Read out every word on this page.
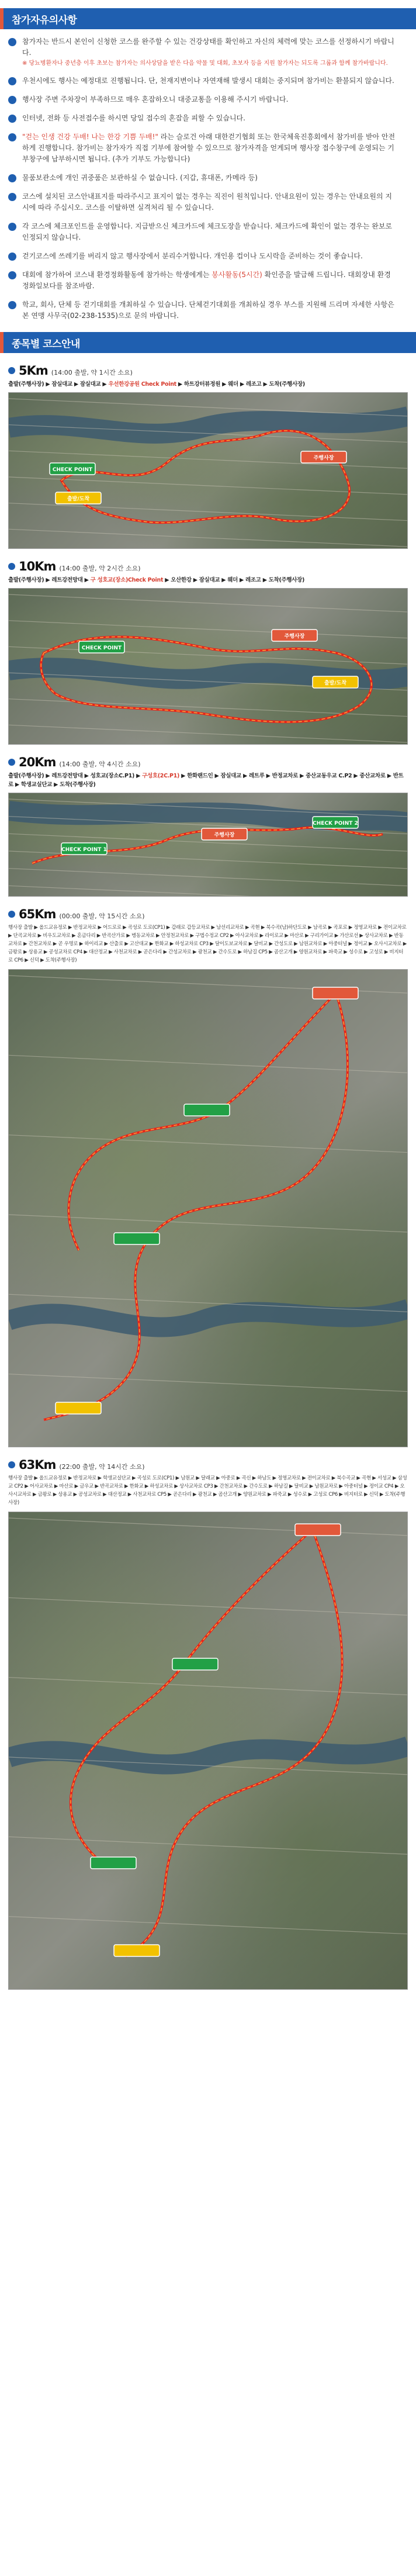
참가자유의사항
참가자는 반드시 본인이 신청한 코스를 완주할 수 있는 건강상태를 확인하고 자신의 체력에 맞는 코스를 선정하시기 바랍니다.
※ 당뇨병환자나 중년층 이후 초보는 참가자는 의사상담을 받은 다음 약물 및 대회, 초보자 등을 지원 참가자는 되도록 그룹과 함께 참가바랍니다.
우천시에도 행사는 예정대로 진행됩니다. 단, 천재지변이나 자연재해 발생시 대회는 중지되며 참가비는 환불되지 않습니다.
행사장 주변 주차장이 부족하므로 매우 혼잡하오니 대중교통을 이용해 주시기 바랍니다.
인터넷, 전화 등 사전접수를 하시면 당일 접수의 혼잡을 피할 수 있습니다.
"걷는 인생 건강 두배! 나는 한강 기쁨 두배!" 라는 슬로건 아래 대한걷기협회 또는 한국체육진흥회에서 참가비를 받아 안전하게 진행합니다. 참가비는 참가자가 직접 기부에 참여할 수 있으므로 참가자격을 얻게되며 행사장 접수창구에 운영되는 기부창구에 납부하시면 됩니다. (추가 기부도 가능합니다)
물품보관소에 개인 귀중품은 보관하실 수 없습니다. (지갑, 휴대폰, 카메라 등)
코스에 설치된 코스안내표지를 따라주시고 표지이 없는 경우는 직진이 원칙입니다. 안내요원이 있는 경우는 안내요원의 지시에 따라 주십시오. 코스를 이탈하면 실격처리 될 수 있습니다.
각 코스에 체크포인트를 운영합니다. 지급받으신 체크카드에 체크도장을 받습니다. 체크카드에 확인이 없는 경우는 완보로 인정되지 않습니다.
걷기코스에 쓰레기를 버리지 않고 행사장에서 분리수거합니다. 개인용 컵이나 도시락을 준비하는 것이 좋습니다.
대회에 참가하여 코스내 환경정화활동에 참가하는 학생에게는 봉사활동(5시간) 확인증을 발급해 드립니다. 대회장내 환경정화일보다를 참조바람.
학교, 회사, 단체 등 걷기대회를 개최하실 수 있습니다. 단체걷기대회를 개최하실 경우 부스를 지원해 드리며 자세한 사항은 본 연맹 사무국(02-238-1535)으로 문의 바랍니다.
종목별 코스안내
5Km (14:00 출발, 약 1시간 소요)
출발(주행사장) ▶ 잠실대교 ▶ 잠실대교 ▶ 우선한강공원 Check Point ▶ 하트강터뷰정원 ▶ 웨더 ▶ 레조고 ▶ 도착(주행사장)
CHECK POINT
주행사장
출발/도착
10Km (14:00 출발, 약 2시간 소요)
출발(주행사장) ▶ 레트강전망대 ▶ 구 성호교(장소)Check Point ▶ 오산한강 ▶ 잠실대교 ▶ 웨더 ▶ 레조고 ▶ 도착(주행사장)
CHECK POINT
주행사장
출발/도착
20Km (14:00 출발, 약 4시간 소요)
출발(주행사장) ▶ 레트강전망대 ▶ 성호교(장소C.P1) ▶ 구성호(2C.P1) ▶ 한화랜드인 ▶ 잠실대교 ▶ 레트루 ▶ 반정교차로 ▶ 중산교동우교 C.P2 ▶ 중산교차로 ▶ 반트로 ▶ 학생교실단교 ▶ 도착(주행사장)
CHECK POINT 1
CHECK POINT 2
주행사장
65Km (00:00 출발, 약 15시간 소요)
행사장 출발 ▶ 올드교유정로 ▶ 반정교차로 ▶ 어드로로 ▶ 곡성로 도로(CP1) ▶ 갑래로 갑등교차로 ▶ 남선리교차로 ▶ 곡현 ▶ 북수곡(남)하단도로 ▶ 남곡로 ▶ 곡포로 ▶ 정영교차로 ▶ 전이교차로 ▶ 단곡교차로 ▶ 비우도교차로 ▶ 혼금다리 ▶ 반곡산가로 ▶ 병동교차로 ▶ 안정천교차로 ▶ 구법수정교 CP2 ▶ 아사교차로 ▶ 라이로교 ▶ 마산로 ▶ 구리가이교 ▶ 가산로선 ▶ 상사교차로 ▶ 반동교차로 ▶ 간천교차로 ▶ 곧 우명로 ▶ 하이리교 ▶ 산출로 ▶ 고산대교 ▶ 한화교 ▶ 하성교차로 CP3 ▶ 달이도보교차로 ▶ 달비교 ▶ 간성도로 ▶ 남원교차로 ▶ 아중터널 ▶ 정이교 ▶ 오사시교차로 ▶ 금왕로 ▶ 상용교 ▶ 공성교차로 CP4 ▶ 대산정교 ▶ 사천교차로 ▶ 곧은다리 ▶ 간성교차로 ▶ 광천교 ▶ 간수도로 ▶ 하남길 CP5 ▶ 곰산고개 ▶ 양원교차로 ▶ 파죽교 ▶ 성수로 ▶ 고성로 ▶ 비지터로 CP6 ▶ 신덕 ▶ 도착(주행사장)
63Km (22:00 출발, 약 14시간 소요)
행사장 출발 ▶ 올드교유정로 ▶ 반정교차로 ▶ 학생교실단교 ▶ 곡성로 도로(CP1) ▶ 남원교 ▶ 달래교 ▶ 아중로 ▶ 곡신 ▶ 하남도 ▶ 정영교차로 ▶ 전이교차로 ▶ 북수곡교 ▶ 곡현 ▶ 서성교 ▶ 삼성교 CP2 ▶ 어사교차로 ▶ 마산로 ▶ 금우교 ▶ 반곡교차로 ▶ 한화교 ▶ 하성교차로 ▶ 상사교차로 CP3 ▶ 간천교차로 ▶ 간수도로 ▶ 하남길 ▶ 달비교 ▶ 남원교차로 ▶ 아중터널 ▶ 정이교 CP4 ▶ 오사시교차로 ▶ 금왕로 ▶ 상용교 ▶ 공성교차로 ▶ 대산정교 ▶ 사천교차로 CP5 ▶ 곧은다리 ▶ 광천교 ▶ 곰산고개 ▶ 양원교차로 ▶ 파죽교 ▶ 성수로 ▶ 고성로 CP6 ▶ 비지터로 ▶ 신덕 ▶ 도착(주행사장)
